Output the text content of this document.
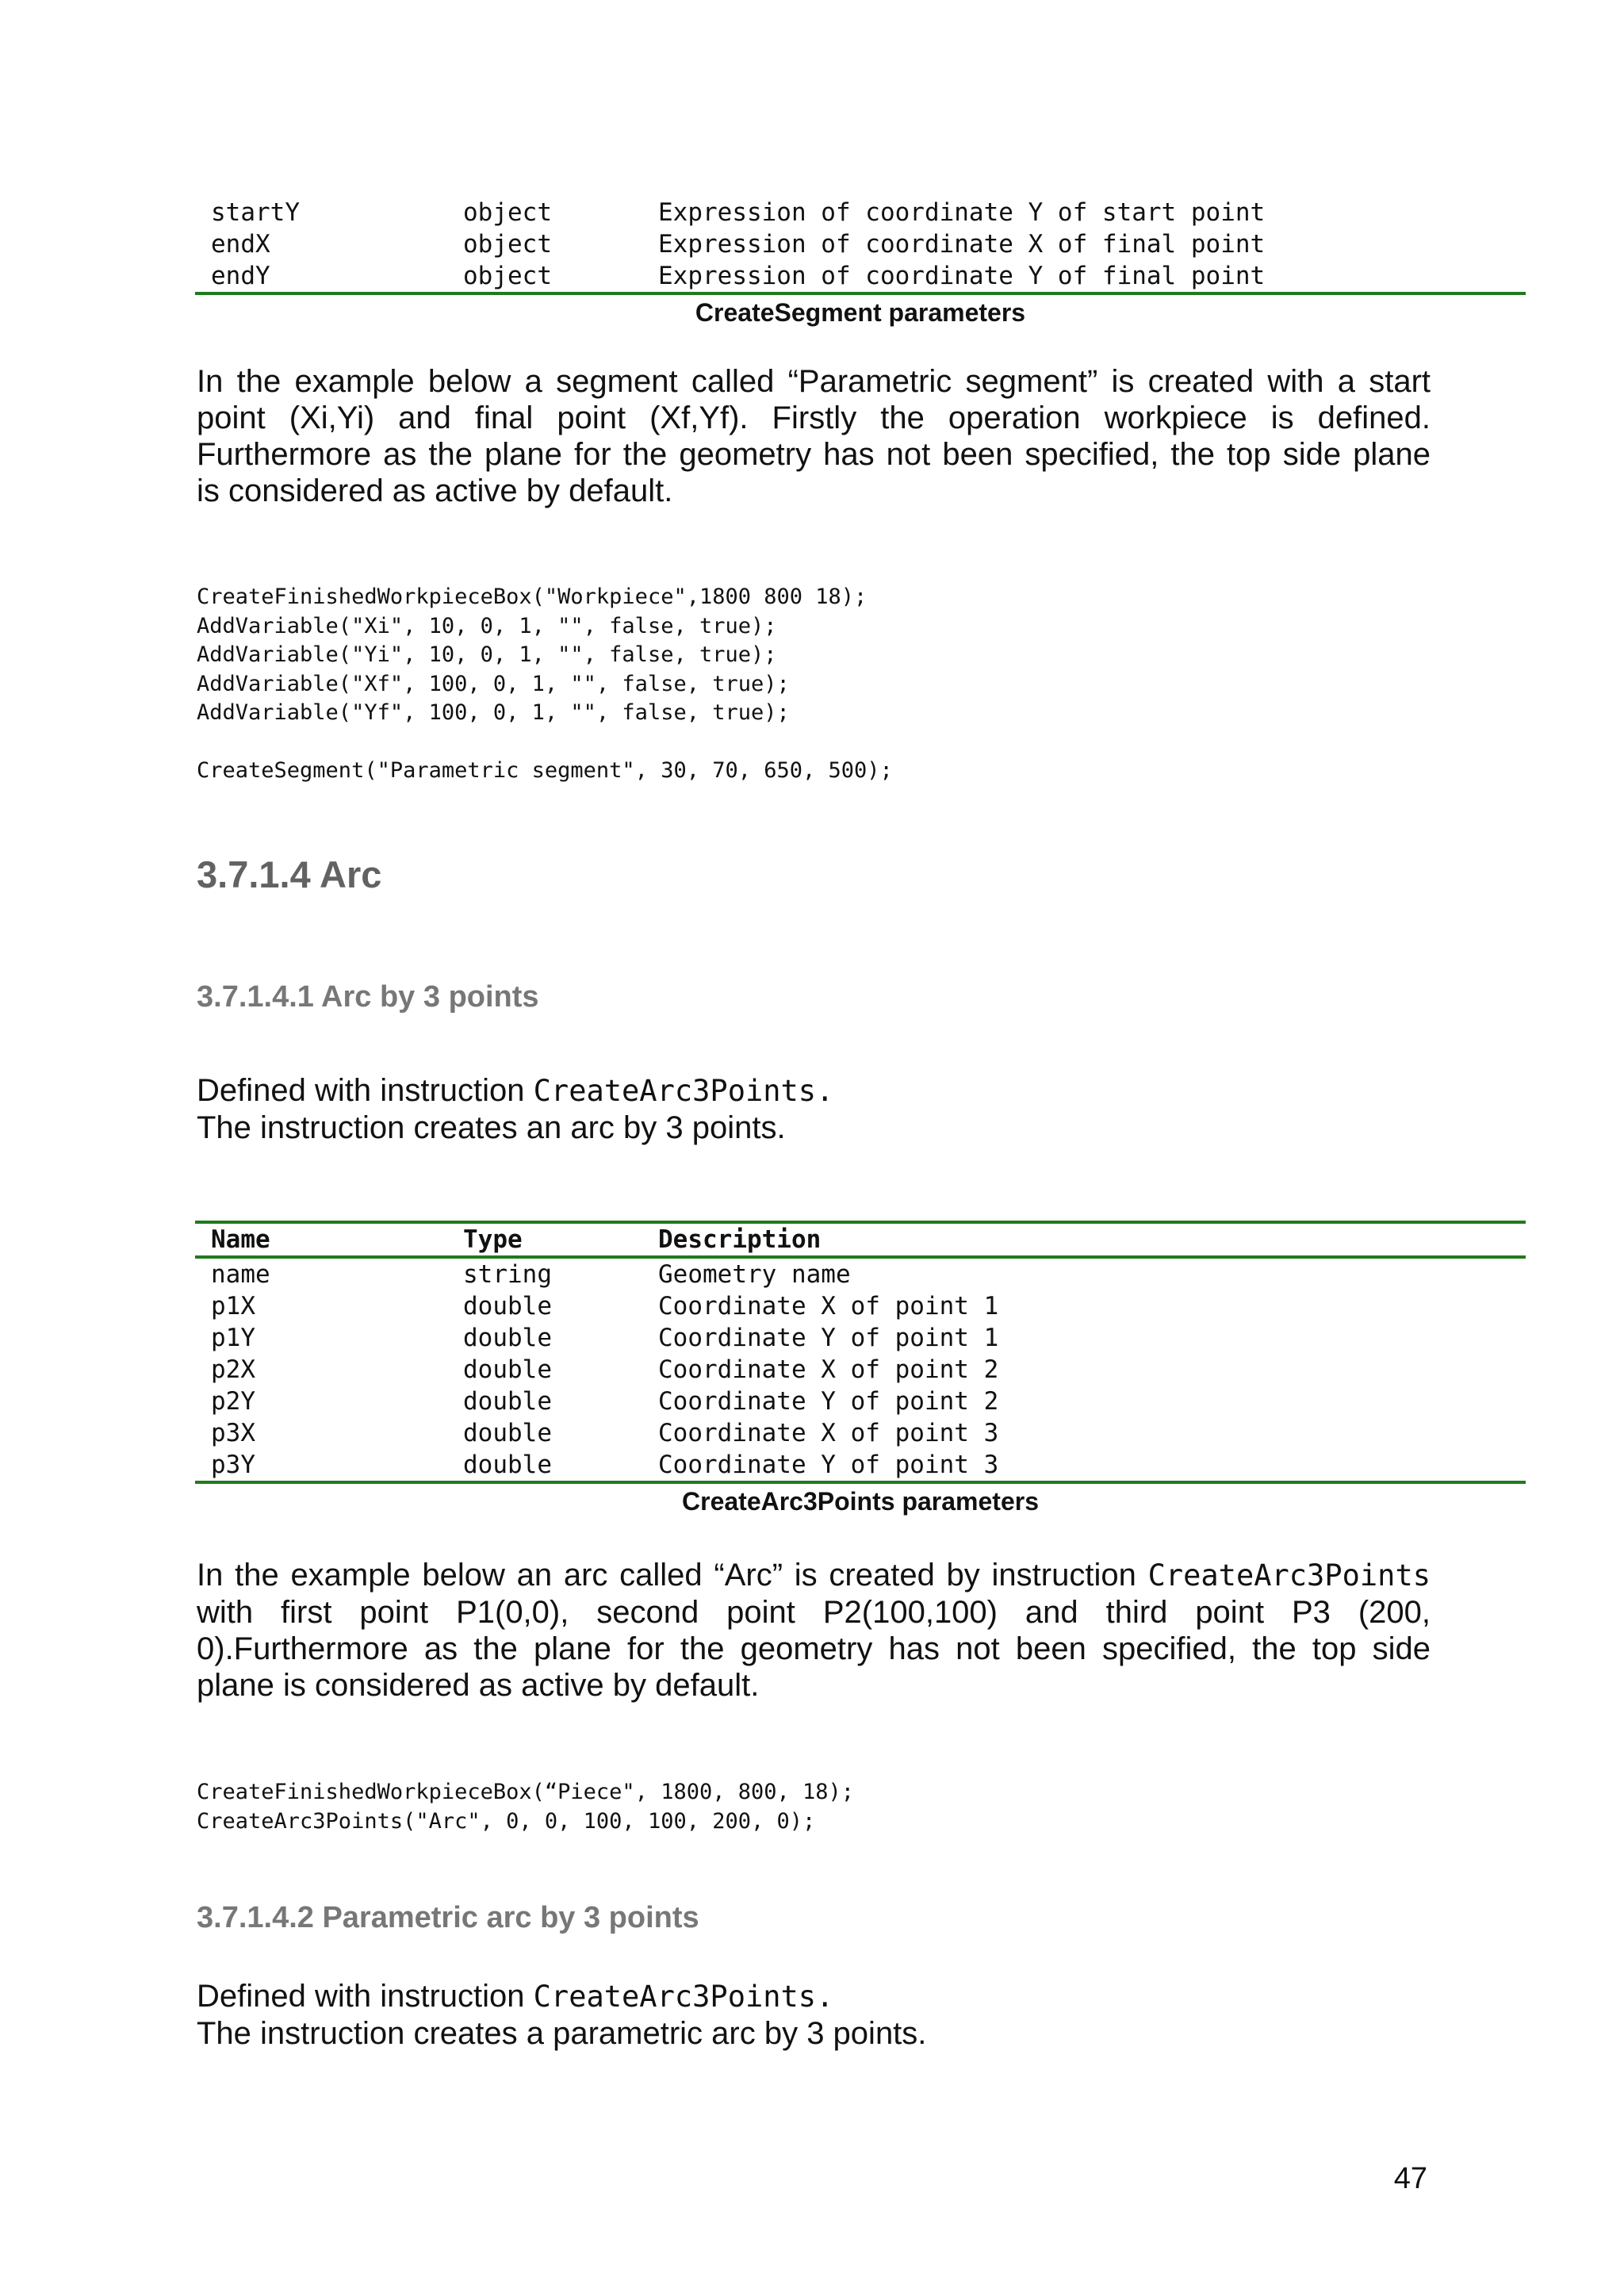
startY	object	Expression of coordinate Y of start point
endX	object	Expression of coordinate X of final point
endY	object	Expression of coordinate Y of final point
CreateSegment parameters
In the example below a segment called “Parametric segment” is created with a start
point (Xi,Yi) and final point (Xf,Yf). Firstly the operation workpiece is defined.
Furthermore as the plane for the geometry has not been specified, the top side plane
is considered as active by default.
CreateFinishedWorkpieceBox("Workpiece",1800 800 18);
AddVariable("Xi", 10, 0, 1, "", false, true);
AddVariable("Yi", 10, 0, 1, "", false, true);
AddVariable("Xf", 100, 0, 1, "", false, true);
AddVariable("Yf", 100, 0, 1, "", false, true);

CreateSegment("Parametric segment", 30, 70, 650, 500);
3.7.1.4 Arc
3.7.1.4.1 Arc by 3 points
Defined with instruction CreateArc3Points.
The instruction creates an arc by 3 points.
Name	Type	Description
name	string	Geometry name
p1X	double	Coordinate X of point 1
p1Y	double	Coordinate Y of point 1
p2X	double	Coordinate X of point 2
p2Y	double	Coordinate Y of point 2
p3X	double	Coordinate X of point 3
p3Y	double	Coordinate Y of point 3
CreateArc3Points parameters
In the example below an arc called “Arc” is created by instruction CreateArc3Points
with first point P1(0,0), second point P2(100,100) and third point P3 (200,
0).Furthermore as the plane for the geometry has not been specified, the top side
plane is considered as active by default.
CreateFinishedWorkpieceBox(“Piece", 1800, 800, 18);
CreateArc3Points("Arc", 0, 0, 100, 100, 200, 0);
3.7.1.4.2 Parametric arc by 3 points
Defined with instruction CreateArc3Points.
The instruction creates a parametric arc by 3 points.
47
